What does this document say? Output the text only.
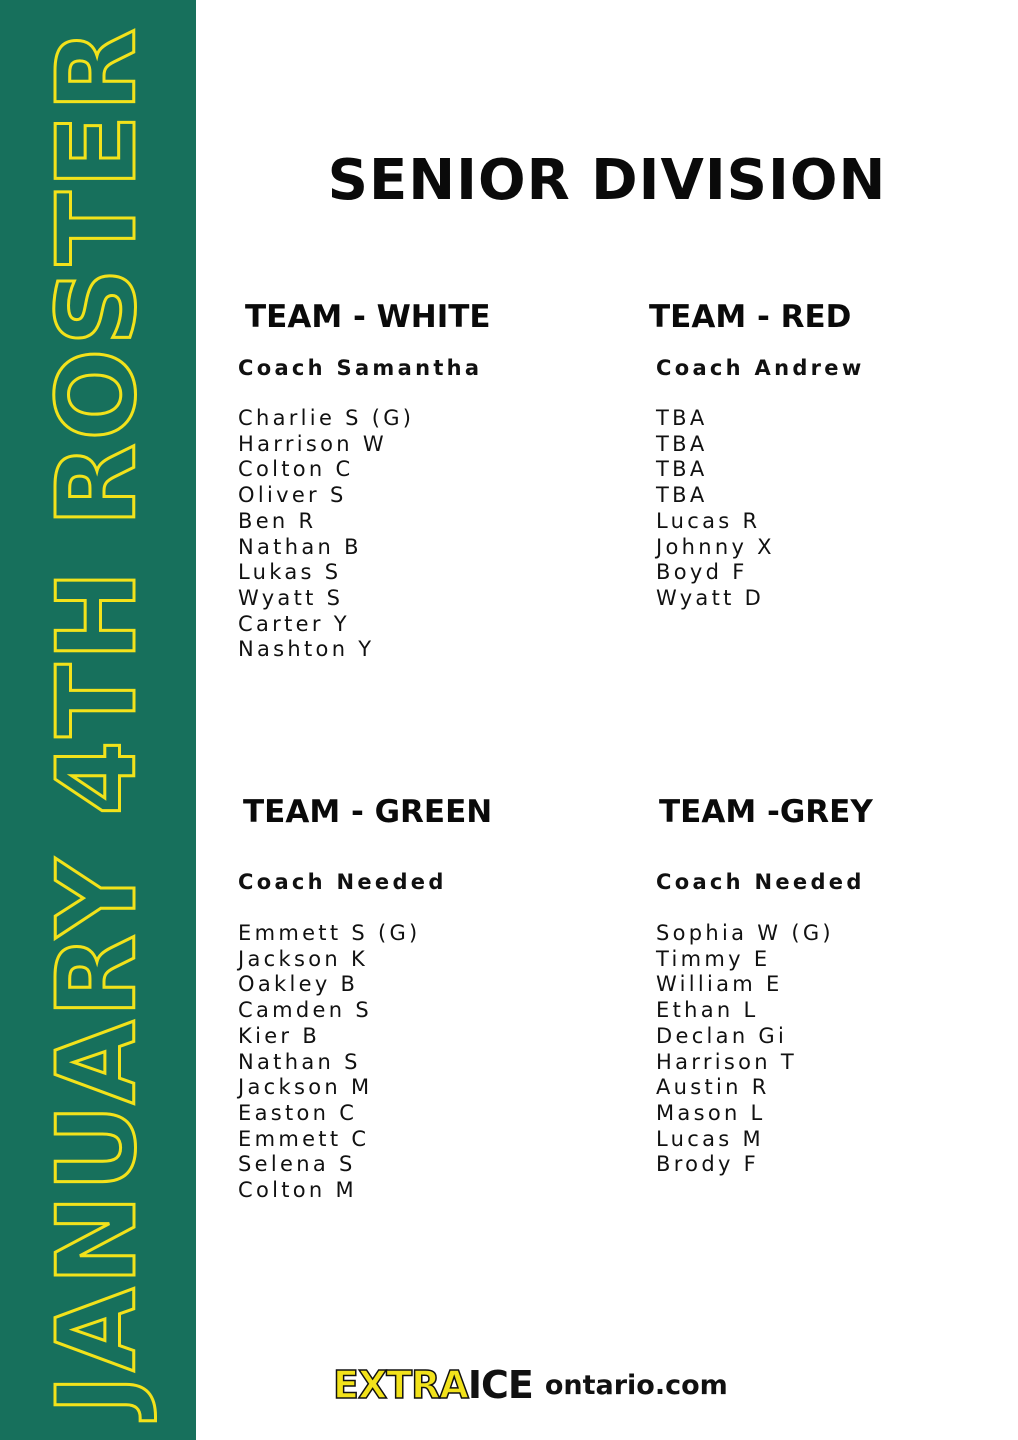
JANUARY 4TH ROSTER	SENIOR DIVISION
TEAM - WHITE
Coach Samantha
Charlie S (G)
Harrison W
Colton C
Oliver S
Ben R
Nathan B
Lukas S
Wyatt S
Carter Y
Nashton Y
TEAM - RED
Coach Andrew
TBA
TBA
TBA
TBA
Lucas R
Johnny X
Boyd F
Wyatt D
TEAM - GREEN
Coach Needed
Emmett S (G)
Jackson K
Oakley B
Camden S
Kier B
Nathan S
Jackson M
Easton C
Emmett C
Selena S
Colton M
TEAM -GREY
Coach Needed
Sophia W (G)
Timmy E
William E
Ethan L
Declan Gi
Harrison T
Austin R
Mason L
Lucas M
Brody F
EXTRA ICE ontario.com
